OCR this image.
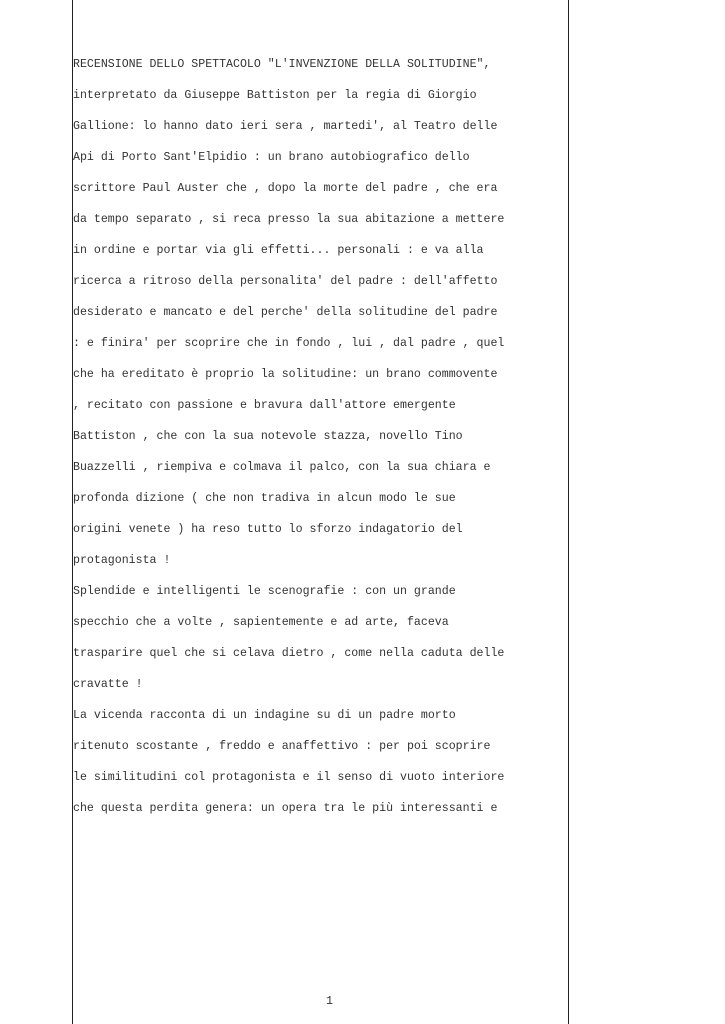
RECENSIONE DELLO SPETTACOLO "L'INVENZIONE DELLA SOLITUDINE",
interpretato da Giuseppe Battiston per la regia di Giorgio
Gallione: lo hanno dato ieri sera , martedi', al Teatro delle
Api di Porto Sant'Elpidio : un brano autobiografico dello
scrittore Paul Auster che , dopo la morte del padre , che era
da tempo separato , si reca presso la sua abitazione a mettere
in ordine e portar via gli effetti... personali : e va alla
ricerca a ritroso della personalita' del padre : dell'affetto
desiderato e mancato e del perche' della solitudine del padre
: e finira' per scoprire che in fondo , lui , dal padre , quel
che ha ereditato è proprio la solitudine: un brano commovente
, recitato con passione e bravura dall'attore emergente
Battiston , che con la sua notevole stazza, novello Tino
Buazzelli , riempiva e colmava il palco, con la sua chiara e
profonda dizione ( che non tradiva in alcun modo le sue
origini venete ) ha reso tutto lo sforzo indagatorio del
protagonista !
Splendide e intelligenti le scenografie : con un grande
specchio che a volte , sapientemente e ad arte, faceva
trasparire quel che si celava dietro , come nella caduta delle
cravatte !
La vicenda racconta di un indagine su di un padre morto
ritenuto scostante , freddo e anaffettivo : per poi scoprire
le similitudini col protagonista e il senso di vuoto interiore
che questa perdita genera: un opera tra le più interessanti e
1
